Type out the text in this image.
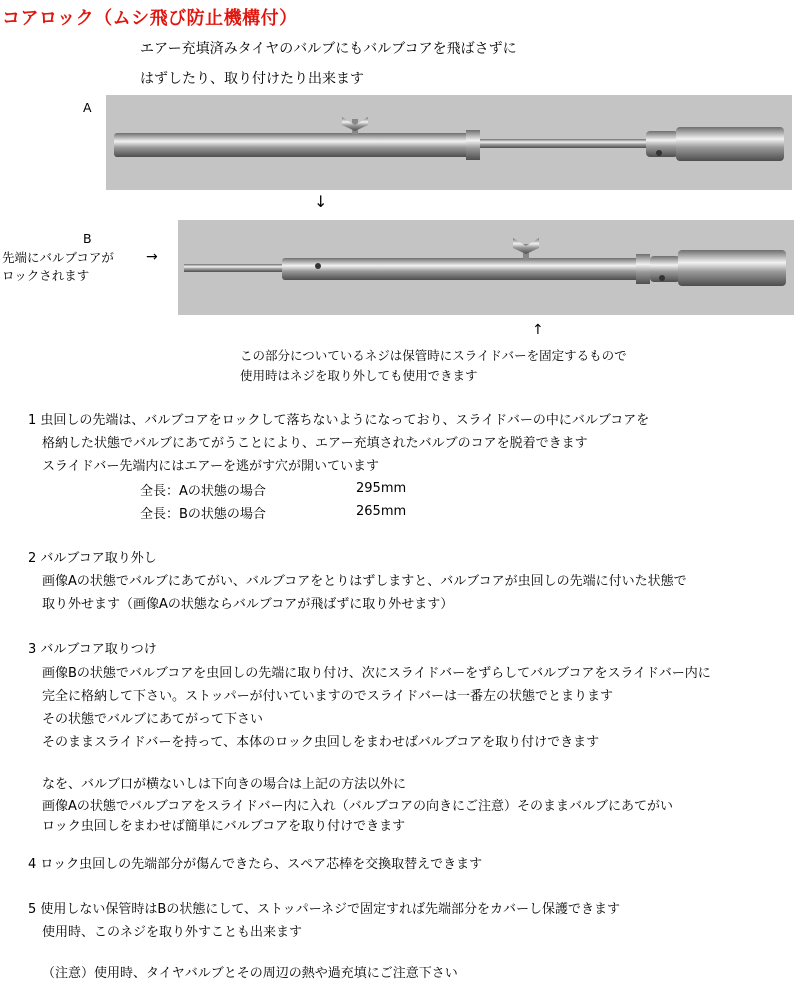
コアロック（ムシ飛び防止機構付）
エアー充填済みタイヤのバルブにもバルブコアを飛ばさずに
はずしたり、取り付けたり出来ます
A
↓
B
先端にバルブコアが
ロックされます
→
↑
この部分についているネジは保管時にスライドバーを固定するもので
使用時はネジを取り外しても使用できます
1 虫回しの先端は、バルブコアをロックして落ちないようになっており、スライドバーの中にバルブコアを
格納した状態でバルブにあてがうことにより、エアー充填されたバルブのコアを脱着できます
スライドバー先端内にはエアーを逃がす穴が開いています
全長：Aの状態の場合	295mm
全長：Bの状態の場合	265mm
2 バルブコア取り外し
画像Aの状態でバルブにあてがい、バルブコアをとりはずしますと、バルブコアが虫回しの先端に付いた状態で
取り外せます（画像Aの状態ならバルブコアが飛ばずに取り外せます）
3 バルブコア取りつけ
画像Bの状態でバルブコアを虫回しの先端に取り付け、次にスライドバーをずらしてバルブコアをスライドバー内に
完全に格納して下さい。ストッパーが付いていますのでスライドバーは一番左の状態でとまります
その状態でバルブにあてがって下さい
そのままスライドバーを持って、本体のロック虫回しをまわせばバルブコアを取り付けできます
なを、バルブ口が横ないしは下向きの場合は上記の方法以外に
画像Aの状態でバルブコアをスライドバー内に入れ（バルブコアの向きにご注意）そのままバルブにあてがい
ロック虫回しをまわせば簡単にバルブコアを取り付けできます
4 ロック虫回しの先端部分が傷んできたら、スペア芯棒を交換取替えできます
5 使用しない保管時はBの状態にして、ストッパーネジで固定すれば先端部分をカバーし保護できます
使用時、このネジを取り外すことも出来ます
（注意）使用時、タイヤバルブとその周辺の熱や過充填にご注意下さい
